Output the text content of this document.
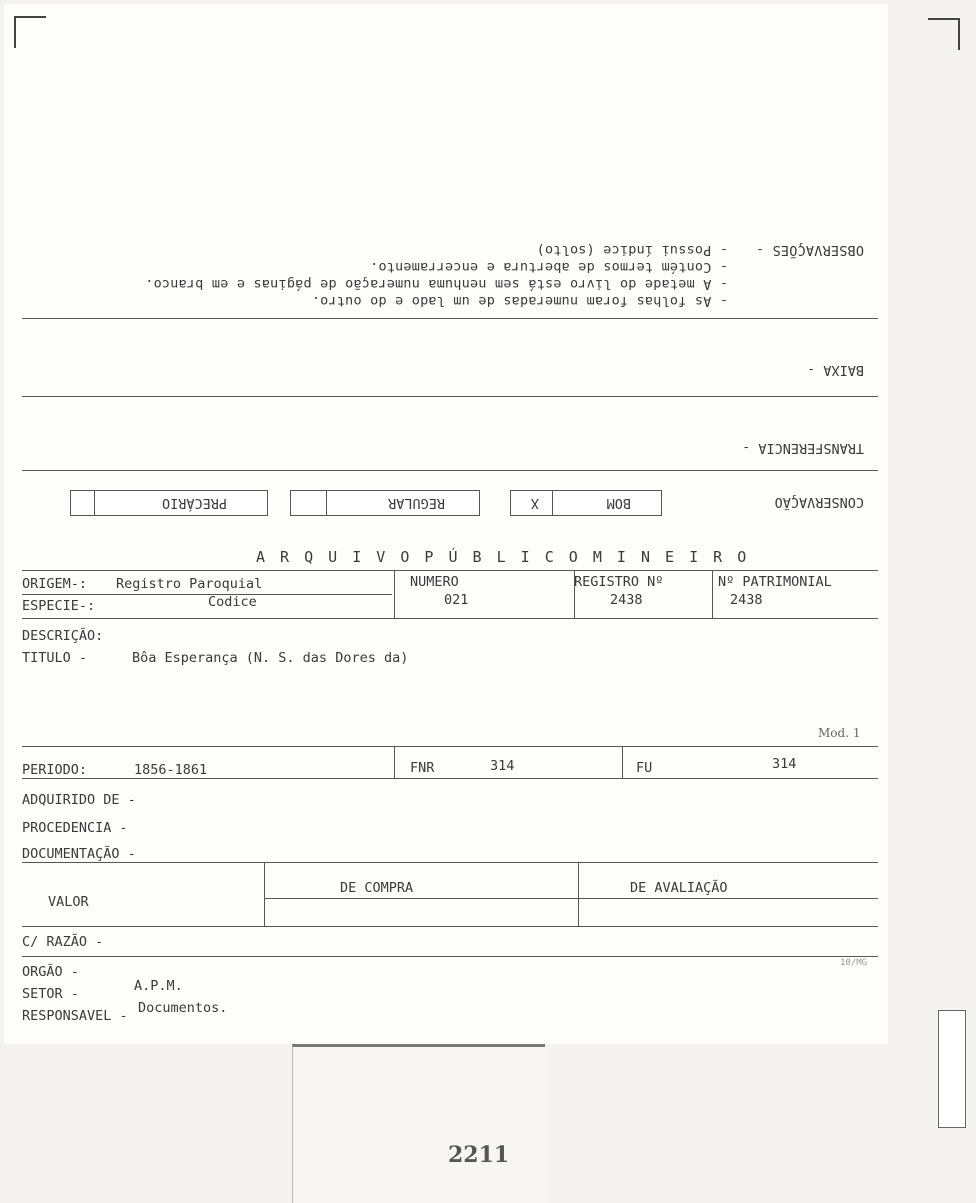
OBSERVAÇÕES -
- Possui índice (solto)
- Contém termos de abertura e encerramento.
- A metade do livro está sem nenhuma numeração de páginas e em branco.
- As folhas foram numeradas de um lado e do outro.
BAIXA -
TRANSFERENCIA -
CONSERVAÇÃO
BOM
X
REGULAR
PRECÁRIO
A R Q U I V O P Ú B L I C O M I N E I R O
ORIGEM-: Registro Paroquial
ESPECIE-:	Codice
NUMERO
021
REGISTRO Nº
2438
Nº PATRIMONIAL
2438
DESCRIÇÃO:
TITULO -	Bôa Esperança (N. S. das Dores da)
Mod. 1
PERIODO:	1856-1861	FNR	314	FU	314
ADQUIRIDO DE -
PROCEDENCIA -
DOCUMENTAÇÃO -
VALOR
DE COMPRA	DE AVALIAÇÃO
C/ RAZÃO -
10/MG
ORGÃO -
A.P.M.
SETOR -
Documentos.
RESPONSAVEL -
2211
